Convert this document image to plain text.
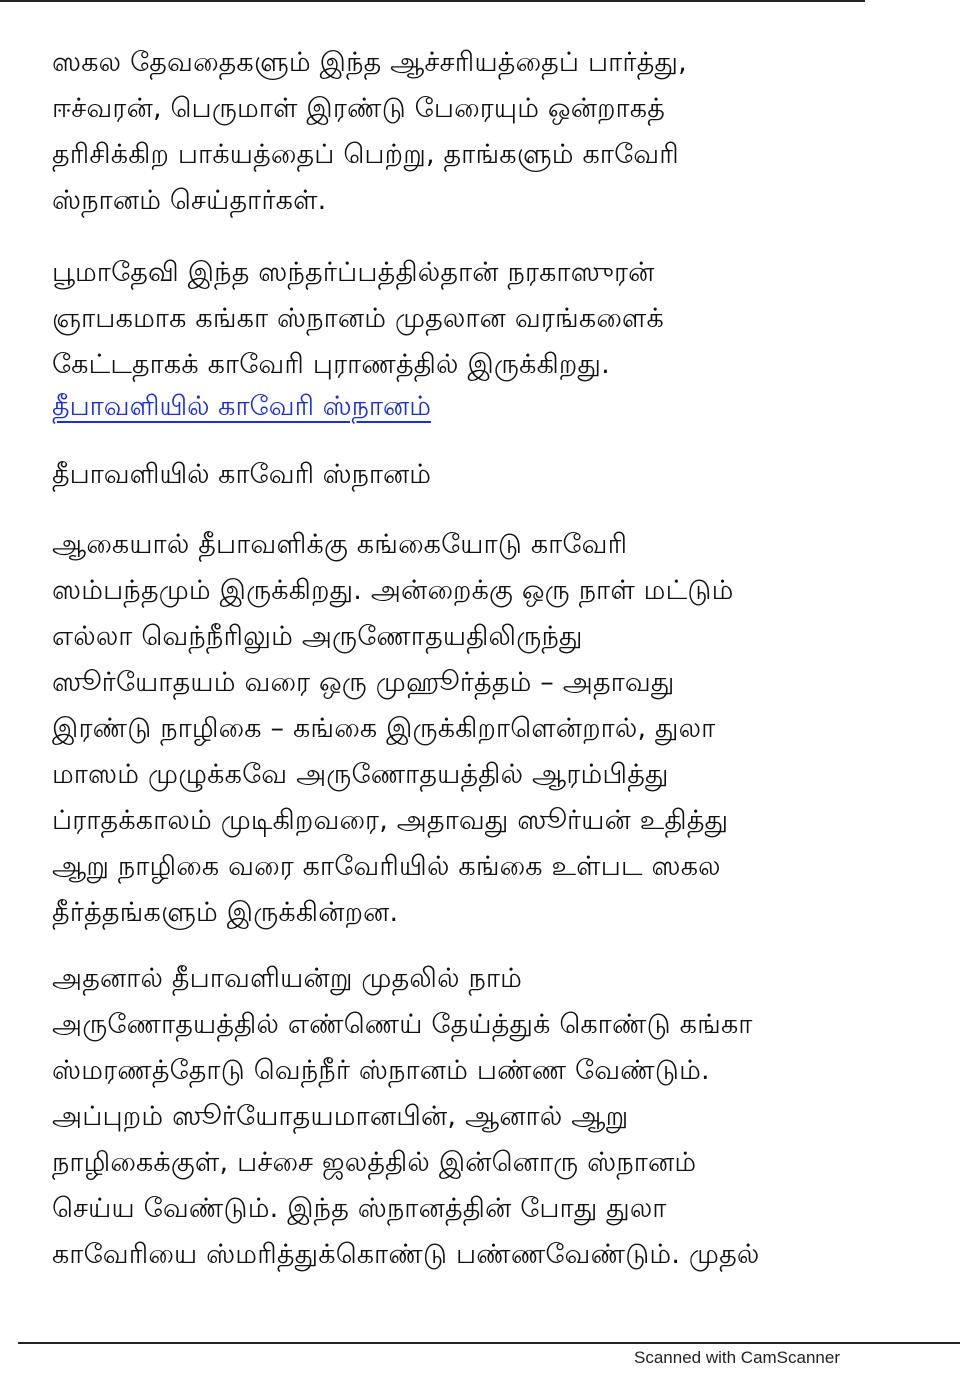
ஸகல தேவதைகளும் இந்த ஆச்சரியத்தைப் பார்த்து,
ஈச்வரன், பெருமாள் இரண்டு பேரையும் ஒன்றாகத்
தரிசிக்கிற பாக்யத்தைப் பெற்று, தாங்களும் காவேரி
ஸ்நானம் செய்தார்கள்.

பூமாதேவி இந்த ஸந்தர்ப்பத்தில்தான் நரகாஸுரன்
ஞாபகமாக கங்கா ஸ்நானம் முதலான வரங்களைக்
கேட்டதாகக் காவேரி புராணத்தில் இருக்கிறது.

தீபாவளியில் காவேரி ஸ்நானம்
தீபாவளியில் காவேரி ஸ்நானம்

ஆகையால் தீபாவளிக்கு கங்கையோடு காவேரி
ஸம்பந்தமும் இருக்கிறது. அன்றைக்கு ஒரு நாள் மட்டும்
எல்லா வெந்நீரிலும் அருணோதயதிலிருந்து
ஸூர்யோதயம் வரை ஒரு முஹூர்த்தம் – அதாவது
இரண்டு நாழிகை – கங்கை இருக்கிறாளென்றால், துலா
மாஸம் முழுக்கவே அருணோதயத்தில் ஆரம்பித்து
ப்ராதக்காலம் முடிகிறவரை, அதாவது ஸூர்யன் உதித்து
ஆறு நாழிகை வரை காவேரியில் கங்கை உள்பட ஸகல
தீர்த்தங்களும் இருக்கின்றன.

அதனால் தீபாவளியன்று முதலில் நாம்
அருணோதயத்தில் எண்ணெய் தேய்த்துக் கொண்டு கங்கா
ஸ்மரணத்தோடு வெந்நீர் ஸ்நானம் பண்ண வேண்டும்.
அப்புறம் ஸூர்யோதயமானபின், ஆனால் ஆறு
நாழிகைக்குள், பச்சை ஜலத்தில் இன்னொரு ஸ்நானம்
செய்ய வேண்டும். இந்த ஸ்நானத்தின் போது துலா
காவேரியை ஸ்மரித்துக்கொண்டு பண்ணவேண்டும். முதல்

Scanned with CamScanner
